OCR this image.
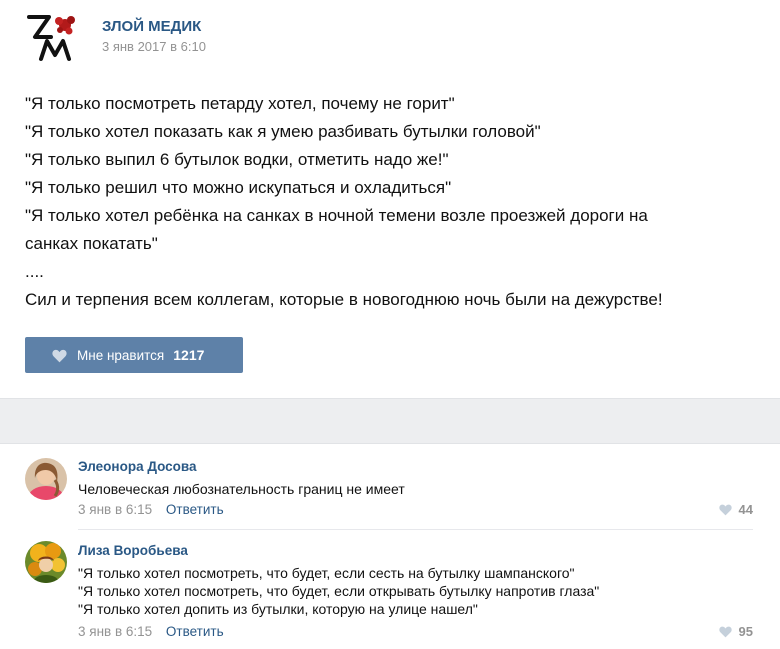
ЗЛОЙ МЕДИК
3 янв 2017 в 6:10
"Я только посмотреть петарду хотел, почему не горит"
"Я только хотел показать как я умею разбивать бутылки головой"
"Я только выпил 6 бутылок водки, отметить надо же!"
"Я только решил что можно искупаться и охладиться"
"Я только хотел ребёнка на санках в ночной темени возле проезжей дороги на
санках покатать"
....
Сил и терпения всем коллегам, которые в новогоднюю ночь были на дежурстве!
Мне нравится 1217
Элеонора Досова
Человеческая любознательность границ не имеет
3 янв в 6:15 Ответить	44
Лиза Воробьева
"Я только хотел посмотреть, что будет, если сесть на бутылку шампанского"
"Я только хотел посмотреть, что будет, если открывать бутылку напротив глаза"
"Я только хотел допить из бутылки, которую на улице нашел"
3 янв в 6:15 Ответить	95
